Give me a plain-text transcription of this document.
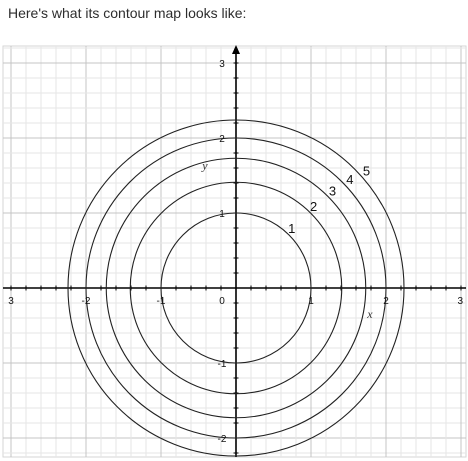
Here's what its contour map looks like:

1
2
3
4
5
3	-2	-1	0	1	2	3
3
2
1
-1
-2
x
y
